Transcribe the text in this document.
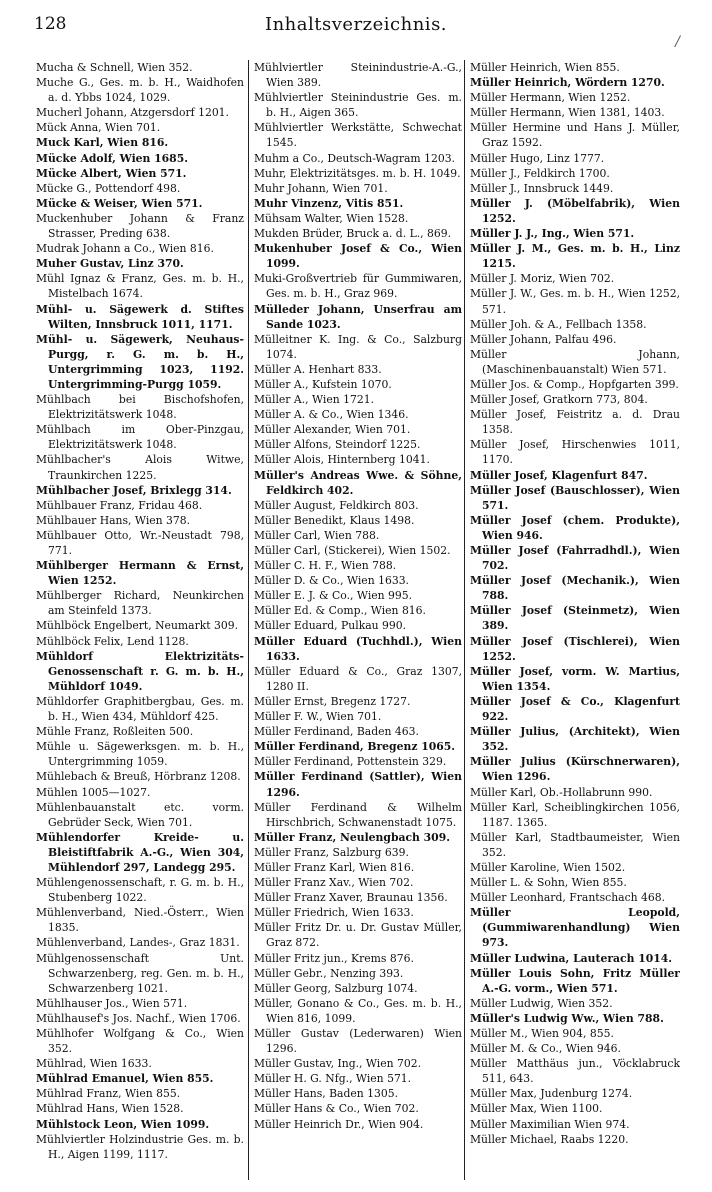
128	Inhaltsverzeichnis.
/

Mucha & Schnell, Wien 352.

Muche G., Ges. m. b. H., Waidhofen a. d. Ybbs 1024, 1029.

Mucherl Johann, Atzgersdorf 1201.

Mück Anna, Wien 701.

Muck Karl, Wien 816.

Mücke Adolf, Wien 1685.

Mücke Albert, Wien 571.

Mücke G., Pottendorf 498.

Mücke & Weiser, Wien 571.

Muckenhuber Johann & Franz Strasser, Preding 638.

Mudrak Johann a Co., Wien 816.

Muher Gustav, Linz 370.

Mühl Ignaz & Franz, Ges. m. b. H., Mistelbach 1674.

Mühl- u. Sägewerk d. Stiftes Wilten, Innsbruck 1011, 1171.

Mühl- u. Sägewerk, Neuhaus-Purgg, r. G. m. b. H., Untergrimming 1023, 1192. Untergrimming-Purgg 1059.

Mühlbach bei Bischofshofen, Elektrizitätswerk 1048.

Mühlbach im Ober-Pinzgau, Elektrizitätswerk 1048.

Mühlbacher's Alois Witwe, Traunkirchen 1225.

Mühlbacher Josef, Brixlegg 314.

Mühlbauer Franz, Fridau 468.

Mühlbauer Hans, Wien 378.

Mühlbauer Otto, Wr.-Neustadt 798, 771.

Mühlberger Hermann & Ernst, Wien 1252.

Mühlberger Richard, Neunkirchen am Steinfeld 1373.

Mühlböck Engelbert, Neumarkt 309.

Mühlböck Felix, Lend 1128.

Mühldorf Elektrizitäts-Genossenschaft r. G. m. b. H., Mühldorf 1049.

Mühldorfer Graphitbergbau, Ges. m. b. H., Wien 434, Mühldorf 425.

Mühle Franz, Roßleiten 500.

Mühle u. Sägewerksgen. m. b. H., Untergrimming 1059.

Mühlebach & Breuß, Hörbranz 1208.

Mühlen 1005—1027.

Mühlenbauanstalt etc. vorm. Gebrüder Seck, Wien 701.

Mühlendorfer Kreide- u. Bleistiftfabrik A.-G., Wien 304, Mühlendorf 297, Landegg 295.

Mühlengenossenschaft, r. G. m. b. H., Stubenberg 1022.

Mühlenverband, Nied.-Österr., Wien 1835.

Mühlenverband, Landes-, Graz 1831.

Mühlgenossenschaft Unt. Schwarzenberg, reg. Gen. m. b. H., Schwarzenberg 1021.

Mühlhauser Jos., Wien 571.

Mühlhausef's Jos. Nachf., Wien 1706.

Mühlhofer Wolfgang & Co., Wien 352.

Mühlrad, Wien 1633.

Mühlrad Emanuel, Wien 855.

Mühlrad Franz, Wien 855.

Mühlrad Hans, Wien 1528.

Mühlstock Leon, Wien 1099.

Mühlviertler Holzindustrie Ges. m. b. H., Aigen 1199, 1117.

Mühlviertler Steinindustrie-A.-G., Wien 389.

Mühlviertler Steinindustrie Ges. m. b. H., Aigen 365.

Mühlviertler Werkstätte, Schwechat 1545.

Muhm a Co., Deutsch-Wagram 1203.

Muhr, Elektrizitätsges. m. b. H. 1049.

Muhr Johann, Wien 701.

Muhr Vinzenz, Vitis 851.

Mühsam Walter, Wien 1528.

Mukden Brüder, Bruck a. d. L., 869.

Mukenhuber Josef & Co., Wien 1099.

Muki-Großvertrieb für Gummiwaren, Ges. m. b. H., Graz 969.

Mülleder Johann, Unserfrau am Sande 1023.

Mülleitner K. Ing. & Co., Salzburg 1074.

Müller A. Henhart 833.

Müller A., Kufstein 1070.

Müller A., Wien 1721.

Müller A. & Co., Wien 1346.

Müller Alexander, Wien 701.

Müller Alfons, Steindorf 1225.

Müller Alois, Hinternberg 1041.

Müller's Andreas Wwe. & Söhne, Feldkirch 402.

Müller August, Feldkirch 803.

Müller Benedikt, Klaus 1498.

Müller Carl, Wien 788.

Müller Carl, (Stickerei), Wien 1502.

Müller C. H. F., Wien 788.

Müller D. & Co., Wien 1633.

Müller E. J. & Co., Wien 995.

Müller Ed. & Comp., Wien 816.

Müller Eduard, Pulkau 990.

Müller Eduard (Tuchhdl.), Wien 1633.

Müller Eduard & Co., Graz 1307, 1280 II.

Müller Ernst, Bregenz 1727.

Müller F. W., Wien 701.

Müller Ferdinand, Baden 463.

Müller Ferdinand, Bregenz 1065.

Müller Ferdinand, Pottenstein 329.

Müller Ferdinand (Sattler), Wien 1296.

Müller Ferdinand & Wilhelm Hirschbrich, Schwanenstadt 1075.

Müller Franz, Neulengbach 309.

Müller Franz, Salzburg 639.

Müller Franz Karl, Wien 816.

Müller Franz Xav., Wien 702.

Müller Franz Xaver, Braunau 1356.

Müller Friedrich, Wien 1633.

Müller Fritz Dr. u. Dr. Gustav Müller, Graz 872.

Müller Fritz jun., Krems 876.

Müller Gebr., Nenzing 393.

Müller Georg, Salzburg 1074.

Müller, Gonano & Co., Ges. m. b. H., Wien 816, 1099.

Müller Gustav (Lederwaren) Wien 1296.

Müller Gustav, Ing., Wien 702.

Müller H. G. Nfg., Wien 571.

Müller Hans, Baden 1305.

Müller Hans & Co., Wien 702.

Müller Heinrich Dr., Wien 904.

Müller Heinrich, Wien 855.

Müller Heinrich, Wördern 1270.

Müller Hermann, Wien 1252.

Müller Hermann, Wien 1381, 1403.

Müller Hermine und Hans J. Müller, Graz 1592.

Müller Hugo, Linz 1777.

Müller J., Feldkirch 1700.

Müller J., Innsbruck 1449.

Müller J. (Möbelfabrik), Wien 1252.

Müller J. J., Ing., Wien 571.

Müller J. M., Ges. m. b. H., Linz 1215.

Müller J. Moriz, Wien 702.

Müller J. W., Ges. m. b. H., Wien 1252, 571.

Müller Joh. & A., Fellbach 1358.

Müller Johann, Palfau 496.

Müller Johann, (Maschinenbauanstalt) Wien 571.

Müller Jos. & Comp., Hopfgarten 399.

Müller Josef, Gratkorn 773, 804.

Müller Josef, Feistritz a. d. Drau 1358.

Müller Josef, Hirschenwies 1011, 1170.

Müller Josef, Klagenfurt 847.

Müller Josef (Bauschlosser), Wien 571.

Müller Josef (chem. Produkte), Wien 946.

Müller Josef (Fahrradhdl.), Wien 702.

Müller Josef (Mechanik.), Wien 788.

Müller Josef (Steinmetz), Wien 389.

Müller Josef (Tischlerei), Wien 1252.

Müller Josef, vorm. W. Martius, Wien 1354.

Müller Josef & Co., Klagenfurt 922.

Müller Julius, (Architekt), Wien 352.

Müller Julius (Kürschnerwaren), Wien 1296.

Müller Karl, Ob.-Hollabrunn 990.

Müller Karl, Scheiblingkirchen 1056, 1187. 1365.

Müller Karl, Stadtbaumeister, Wien 352.

Müller Karoline, Wien 1502.

Müller L. & Sohn, Wien 855.

Müller Leonhard, Frantschach 468.

Müller Leopold, (Gummiwarenhandlung) Wien 973.

Müller Ludwina, Lauterach 1014.

Müller Louis Sohn, Fritz Müller A.-G. vorm., Wien 571.

Müller Ludwig, Wien 352.

Müller's Ludwig Ww., Wien 788.

Müller M., Wien 904, 855.

Müller M. & Co., Wien 946.

Müller Matthäus jun., Vöcklabruck 511, 643.

Müller Max, Judenburg 1274.

Müller Max, Wien 1100.

Müller Maximilian Wien 974.

Müller Michael, Raabs 1220.
